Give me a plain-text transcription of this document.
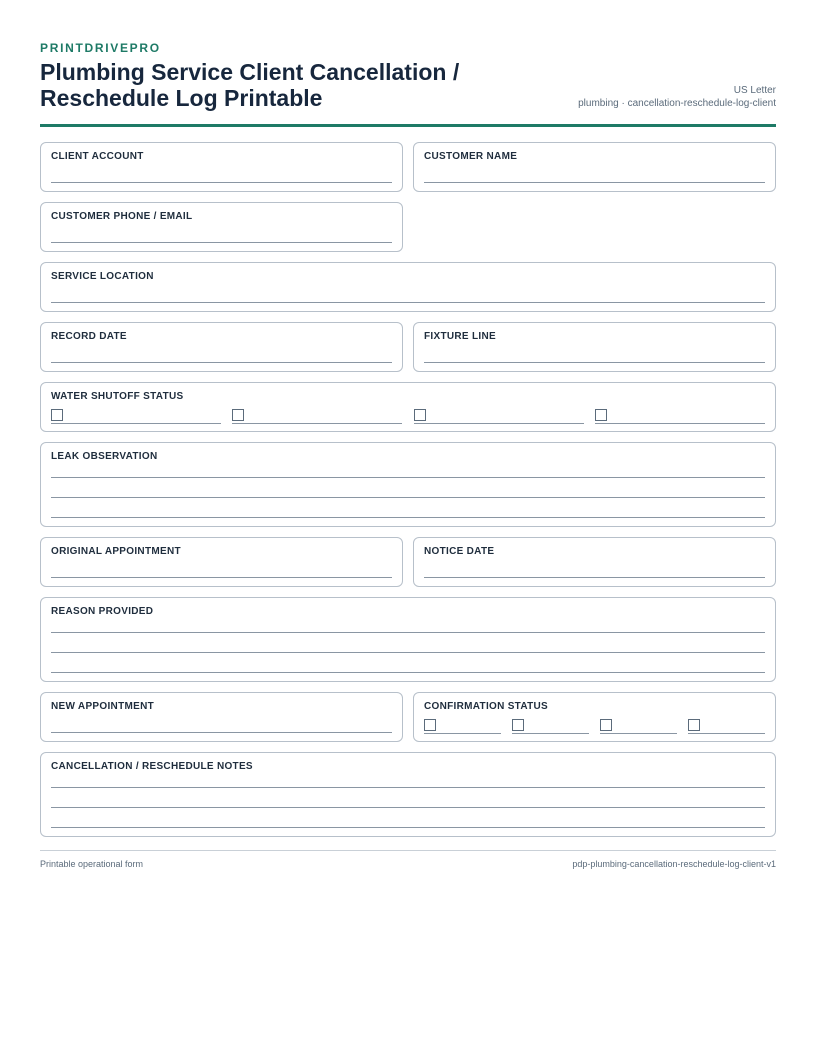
PRINTDRIVEPRO
Plumbing Service Client Cancellation / Reschedule Log Printable	US Letter
plumbing · cancellation-reschedule-log-client
CLIENT ACCOUNT	CUSTOMER NAME
CUSTOMER PHONE / EMAIL
SERVICE LOCATION
RECORD DATE	FIXTURE LINE
WATER SHUTOFF STATUS
LEAK OBSERVATION
ORIGINAL APPOINTMENT	NOTICE DATE
REASON PROVIDED
NEW APPOINTMENT	CONFIRMATION STATUS
CANCELLATION / RESCHEDULE NOTES
Printable operational form	pdp-plumbing-cancellation-reschedule-log-client-v1
